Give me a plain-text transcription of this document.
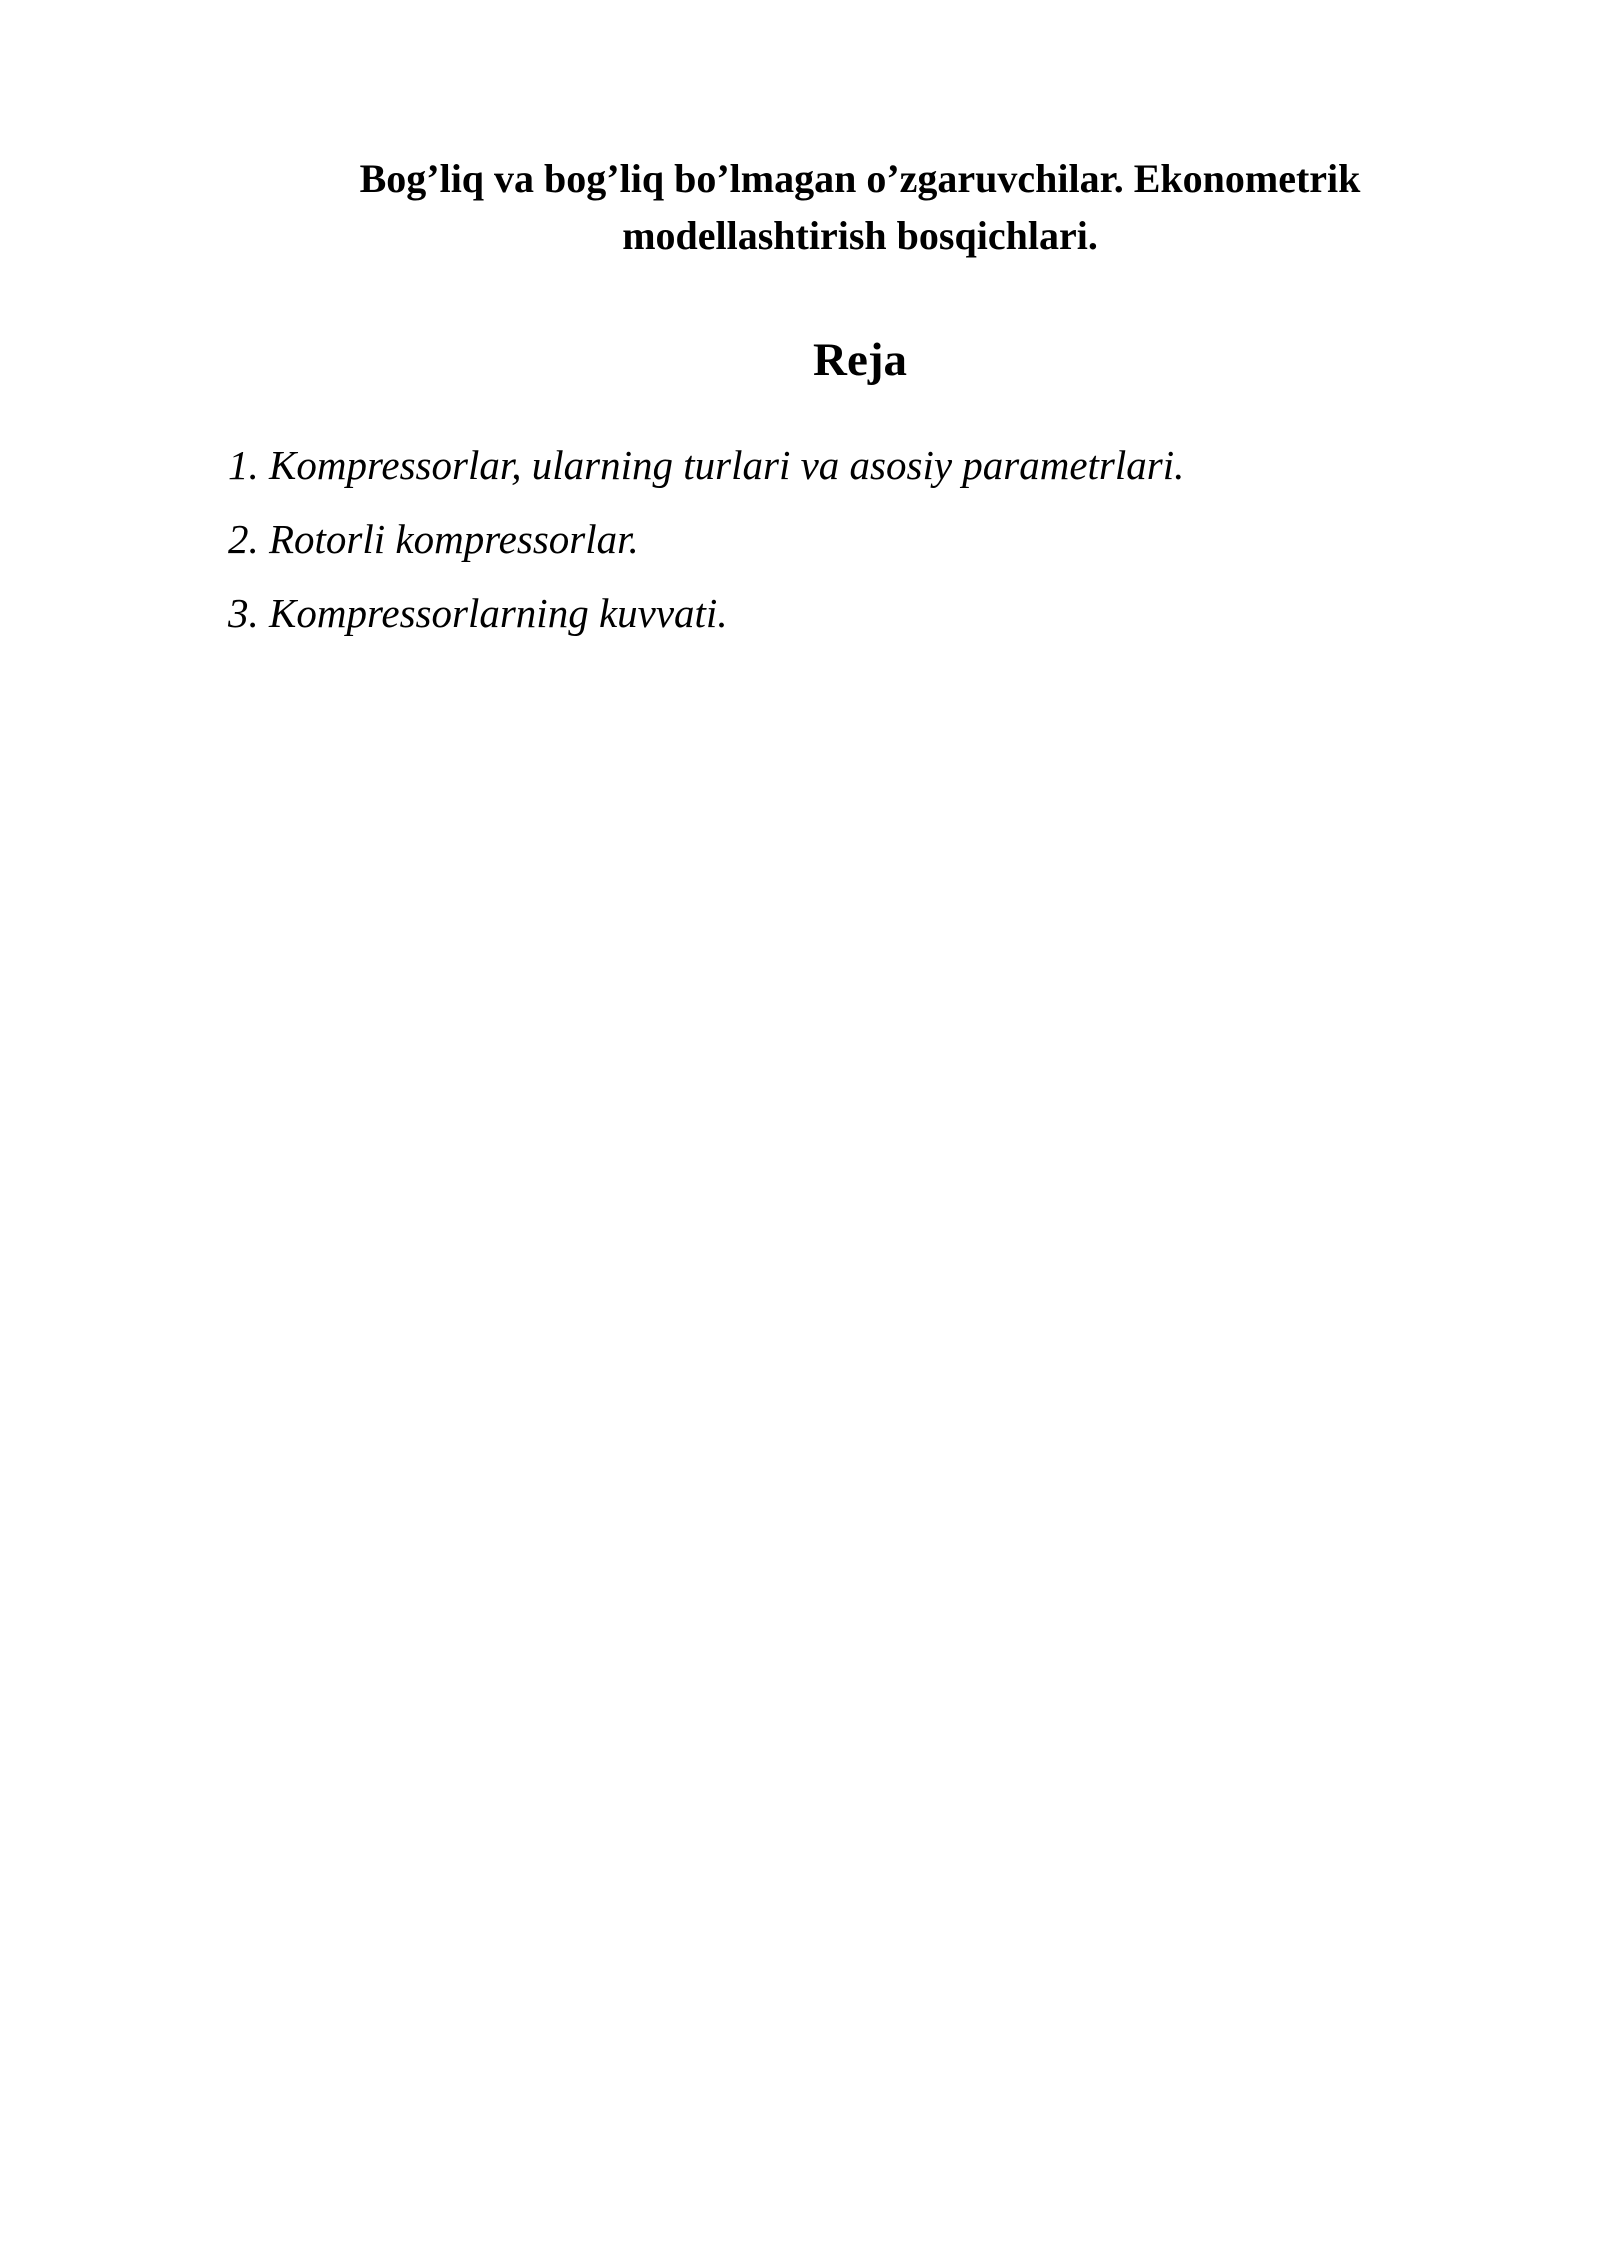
Bog’liq va bog’liq bo’lmagan o’zgaruvchilar. Ekonometrik
modellashtirish bosqichlari.
Reja
1. Kompressorlar, ularning turlari va asosiy parametrlari.
2. Rotorli kompressorlar.
3. Kompressorlarning kuvvati.
